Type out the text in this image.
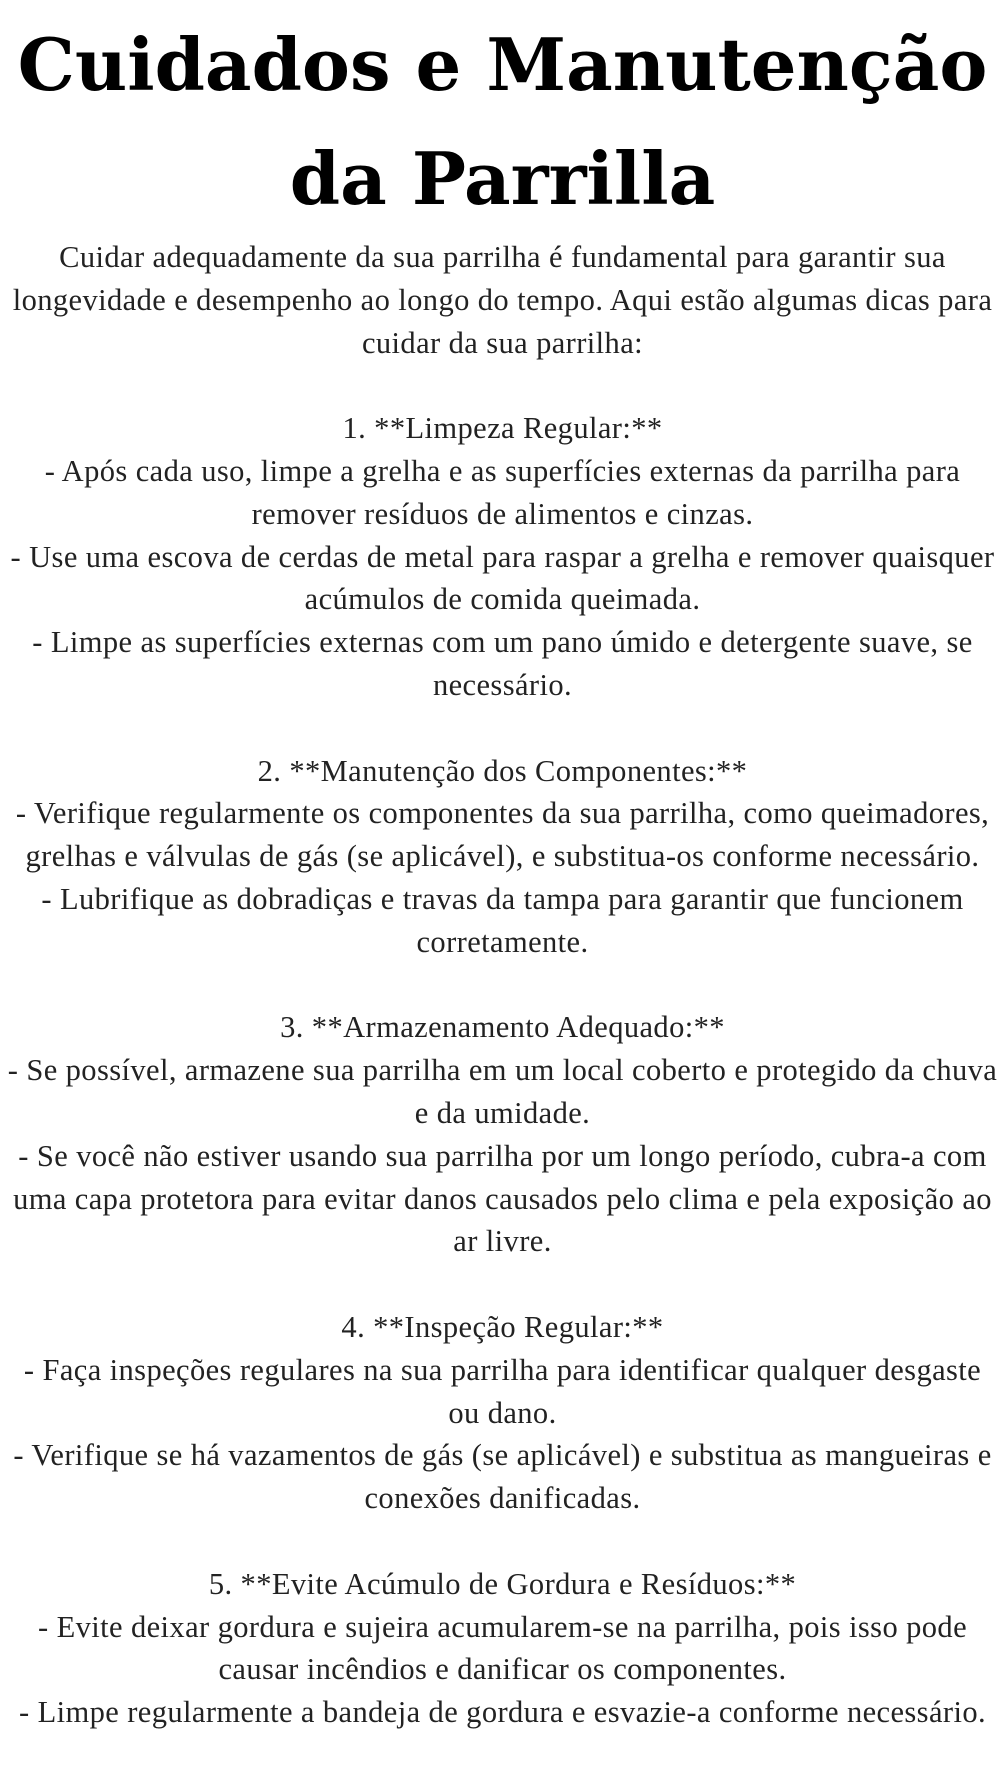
Cuidados e Manutenção
da Parrilla

Cuidar adequadamente da sua parrilha é fundamental para garantir sua longevidade e desempenho ao longo do tempo. Aqui estão algumas dicas para cuidar da sua parrilha:

1. **Limpeza Regular:**

- Após cada uso, limpe a grelha e as superfícies externas da parrilha para remover resíduos de alimentos e cinzas.

- Use uma escova de cerdas de metal para raspar a grelha e remover quaisquer acúmulos de comida queimada.

- Limpe as superfícies externas com um pano úmido e detergente suave, se necessário.

2. **Manutenção dos Componentes:**

- Verifique regularmente os componentes da sua parrilha, como queimadores, grelhas e válvulas de gás (se aplicável), e substitua-os conforme necessário.

- Lubrifique as dobradiças e travas da tampa para garantir que funcionem corretamente.

3. **Armazenamento Adequado:**

- Se possível, armazene sua parrilha em um local coberto e protegido da chuva e da umidade.

- Se você não estiver usando sua parrilha por um longo período, cubra-a com uma capa protetora para evitar danos causados pelo clima e pela exposição ao ar livre.

4. **Inspeção Regular:**

- Faça inspeções regulares na sua parrilha para identificar qualquer desgaste ou dano.

- Verifique se há vazamentos de gás (se aplicável) e substitua as mangueiras e conexões danificadas.

5. **Evite Acúmulo de Gordura e Resíduos:**

- Evite deixar gordura e sujeira acumularem-se na parrilha, pois isso pode causar incêndios e danificar os componentes.

- Limpe regularmente a bandeja de gordura e esvazie-a conforme necessário.
